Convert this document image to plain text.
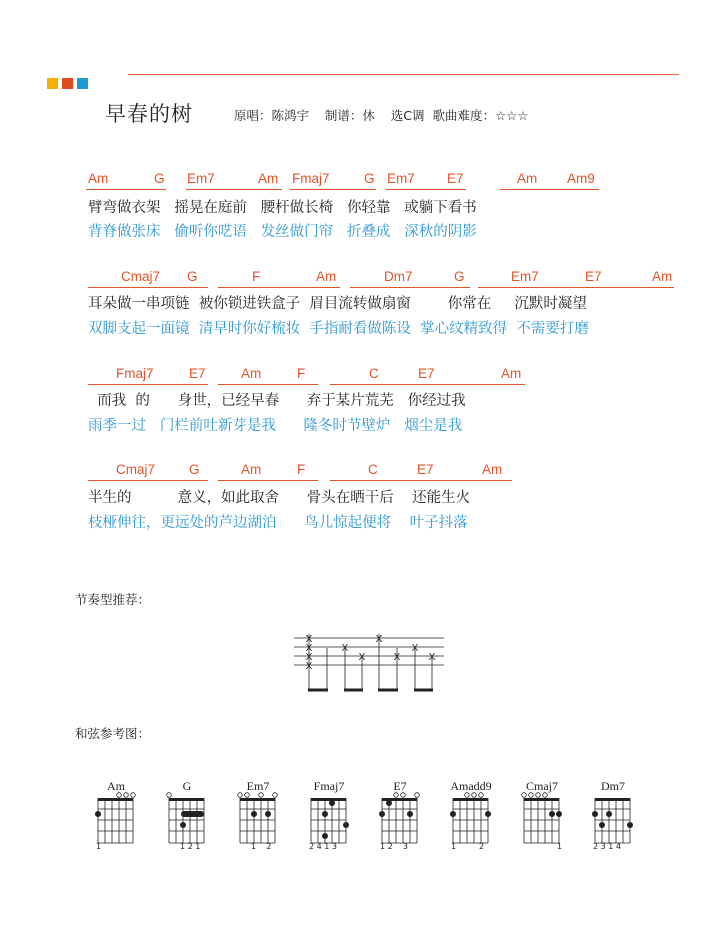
早春的树	原唱：陈鸿宇    制谱：休    选C调  歌曲难度：☆☆☆
Am	G Em7	Am Fmaj7	G Em7 E7	Am Am9
臂弯做衣架   摇晃在庭前   腰杆做长椅   你轻靠   或躺下看书
背脊做张床   偷听你呓语   发丝做门帘   折叠成   深秋的阴影
Cmaj7 G	F	Am	Dm7	G	Em7	E7	Am
耳朵做一串项链  被你锁进铁盒子  眉目流转做扇窗        你常在     沉默时凝望
双脚支起一面镜  清早时你好梳妆  手指耐看做陈设  掌心纹精致得  不需要打磨
Fmaj7	E7	Am	F	C	E7	Am
而我  的      身世，已经早春      弃于某片荒芜   你经过我
雨季一过   门栏前吐新芽是我      隆冬时节壁炉   烟尘是我
Cmaj7	G	Am	F	C	E7	Am
半生的          意义，如此取舍      骨头在晒干后    还能生火
枝桠伸往，更远处的芦边湖泊      鸟儿惊起便将    叶子抖落
节奏型推荐：
X
X
X
X
X
X
X
X
X
X
和弦参考图：
Am	G	Em7	Fmaj7	E7	Amadd9	Cmaj7	Dm7
1	1 2 1	1    2	2 4 1 3	1 2    3	1         2	1	2 3 1 4
